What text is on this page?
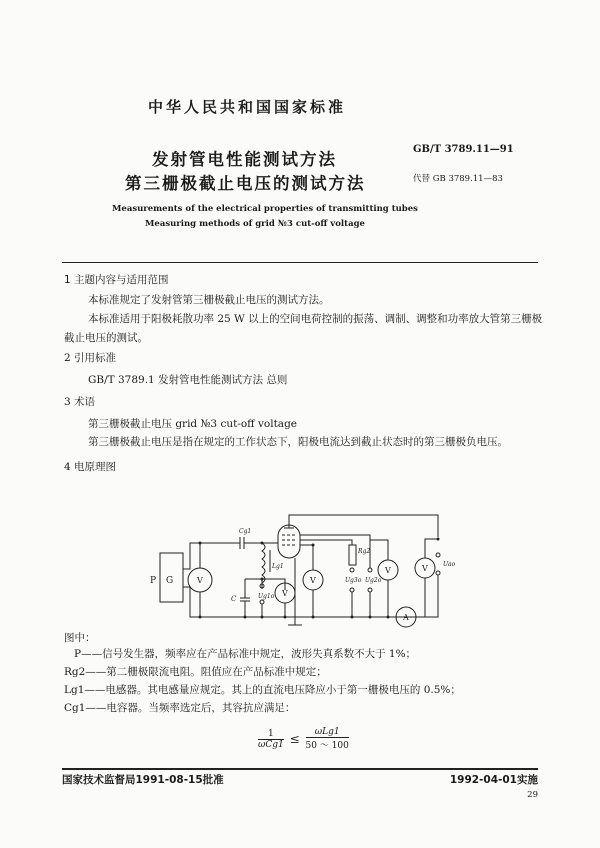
中华人民共和国国家标准
发射管电性能测试方法
第三栅极截止电压的测试方法
Measurements of the electrical properties of transmitting tubes
Measuring methods of grid №3 cut-off voltage
GB/T 3789.11—91
代替 GB 3789.11—83
1 主题内容与适用范围
本标准规定了发射管第三栅极截止电压的测试方法。
本标准适用于阳极耗散功率 25 W 以上的空间电荷控制的振荡、调制、调整和功率放大管第三栅极
截止电压的测试。
2 引用标准
GB/T 3789.1 发射管电性能测试方法 总则
3 术语
第三栅极截止电压 grid №3 cut-off voltage
第三栅极截止电压是指在规定的工作状态下，阳极电流达到截止状态时的第三栅极负电压。
4 电原理图
P G	V
V
V
V	V
A
Cg1
Lg1
C	Ug1o
Rg2
Ug3o Ug2o
Uao
图中：
P——信号发生器，频率应在产品标准中规定，波形失真系数不大于 1%；
Rg2——第二栅极限流电阻。阻值应在产品标准中规定；
Lg1——电感器。其电感量应规定。其上的直流电压降应小于第一栅极电压的 0.5%；
Cg1——电容器。当频率选定后，其容抗应满足：
1
ωCg1 ≤	ωLg1
50 ～ 100
国家技术监督局1991-08-15批准	1992-04-01实施
29
